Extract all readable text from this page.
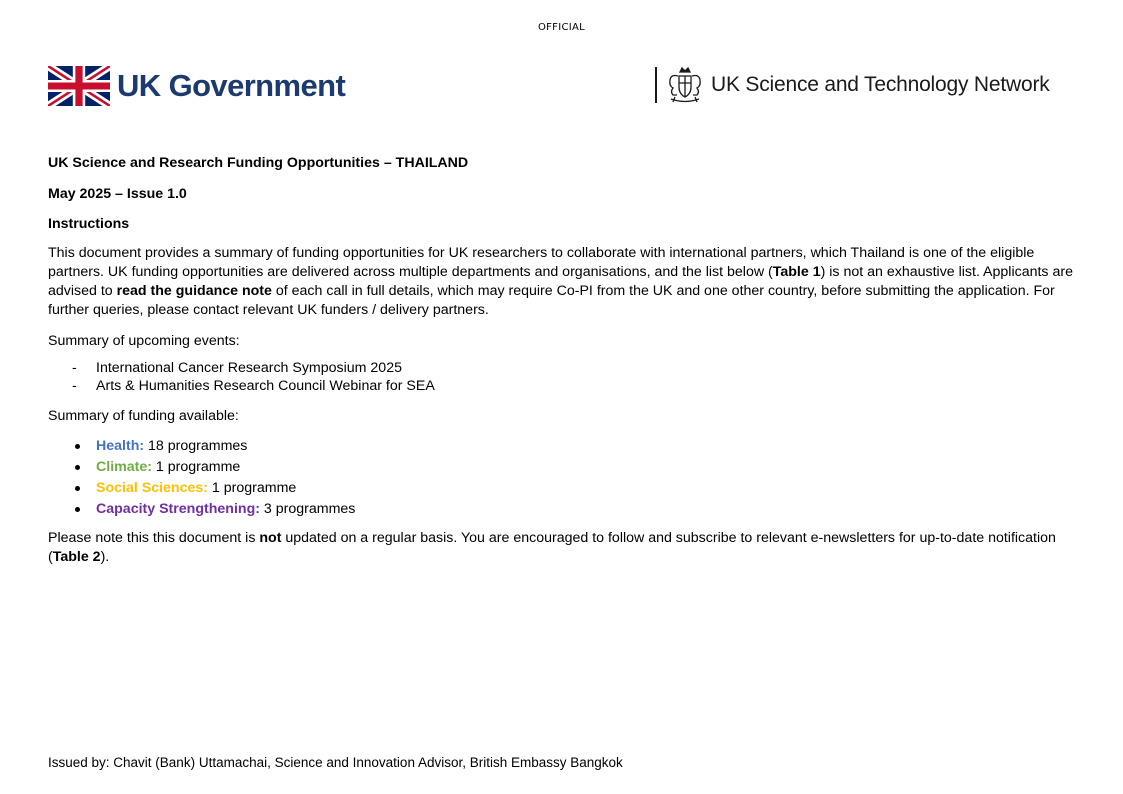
OFFICIAL
UK Government	UK Science and Technology Network

UK Science and Research Funding Opportunities – THAILAND

May 2025 – Issue 1.0

Instructions

This document provides a summary of funding opportunities for UK researchers to collaborate with international partners, which Thailand is one of the eligible partners. UK funding opportunities are delivered across multiple departments and organisations, and the list below (Table 1) is not an exhaustive list. Applicants are advised to read the guidance note of each call in full details, which may require Co-PI from the UK and one other country, before submitting the application. For further queries, please contact relevant UK funders / delivery partners.

Summary of upcoming events:

- International Cancer Research Symposium 2025
- Arts & Humanities Research Council Webinar for SEA

Summary of funding available:

Health: 18 programmes
Climate: 1 programme
Social Sciences: 1 programme
Capacity Strengthening: 3 programmes

Please note this this document is not updated on a regular basis. You are encouraged to follow and subscribe to relevant e-newsletters for up-to-date notification (Table 2).

Issued by: Chavit (Bank) Uttamachai, Science and Innovation Advisor, British Embassy Bangkok
